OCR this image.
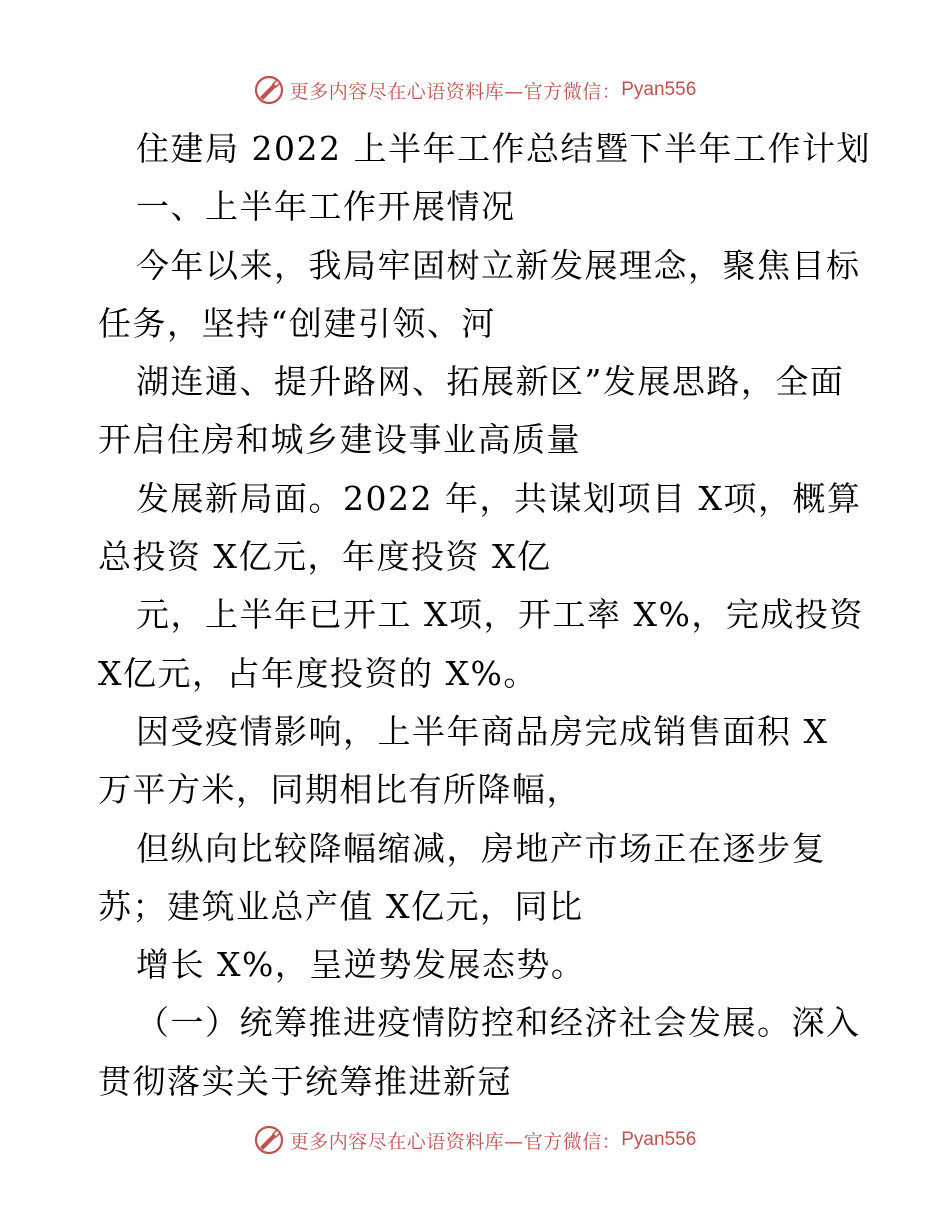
更多内容尽在心语资料库—官方微信： Pyan556
住建局 2022 上半年工作总结暨下半年工作计划
一、上半年工作开展情况
今年以来，我局牢固树立新发展理念，聚焦目标
任务，坚持“创建引领、河
湖连通、提升路网、拓展新区”发展思路，全面
开启住房和城乡建设事业高质量
发展新局面。2022 年，共谋划项目 X项，概算
总投资 X亿元，年度投资 X亿
元，上半年已开工 X项，开工率 X%，完成投资
X亿元，占年度投资的 X%。
因受疫情影响，上半年商品房完成销售面积 X
万平方米，同期相比有所降幅，
但纵向比较降幅缩减，房地产市场正在逐步复
苏；建筑业总产值 X亿元，同比
增长 X%，呈逆势发展态势。
（一）统筹推进疫情防控和经济社会发展。深入
贯彻落实关于统筹推进新冠
更多内容尽在心语资料库—官方微信： Pyan556
